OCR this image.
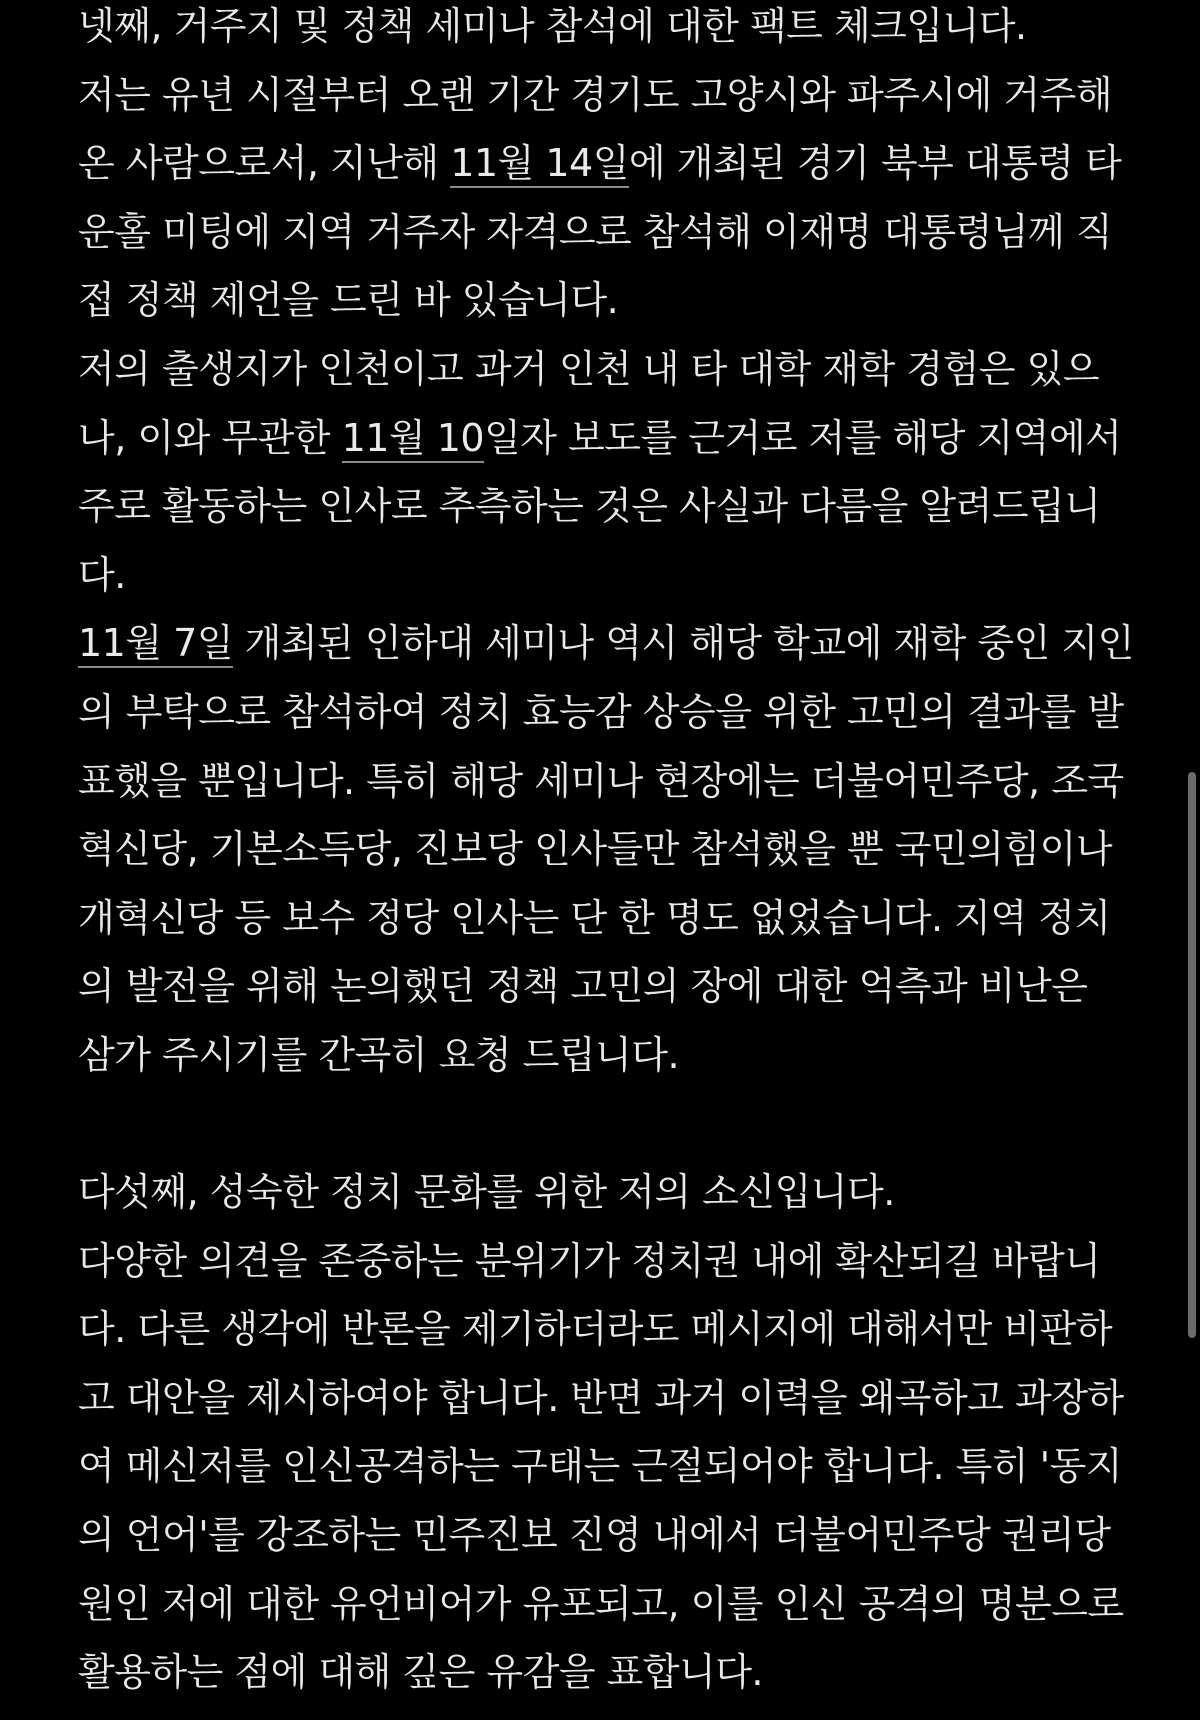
넷째, 거주지 및 정책 세미나 참석에 대한 팩트 체크입니다.

저는 유년 시절부터 오랜 기간 경기도 고양시와 파주시에 거주해

온 사람으로서, 지난해 11월 14일에 개최된 경기 북부 대통령 타

운홀 미팅에 지역 거주자 자격으로 참석해 이재명 대통령님께 직

접 정책 제언을 드린 바 있습니다.

저의 출생지가 인천이고 과거 인천 내 타 대학 재학 경험은 있으

나, 이와 무관한 11월 10일자 보도를 근거로 저를 해당 지역에서

주로 활동하는 인사로 추측하는 것은 사실과 다름을 알려드립니

다.

11월 7일 개최된 인하대 세미나 역시 해당 학교에 재학 중인 지인

의 부탁으로 참석하여 정치 효능감 상승을 위한 고민의 결과를 발

표했을 뿐입니다. 특히 해당 세미나 현장에는 더불어민주당, 조국

혁신당, 기본소득당, 진보당 인사들만 참석했을 뿐 국민의힘이나

개혁신당 등 보수 정당 인사는 단 한 명도 없었습니다. 지역 정치

의 발전을 위해 논의했던 정책 고민의 장에 대한 억측과 비난은

삼가 주시기를 간곡히 요청 드립니다.

다섯째, 성숙한 정치 문화를 위한 저의 소신입니다.

다양한 의견을 존중하는 분위기가 정치권 내에 확산되길 바랍니

다. 다른 생각에 반론을 제기하더라도 메시지에 대해서만 비판하

고 대안을 제시하여야 합니다. 반면 과거 이력을 왜곡하고 과장하

여 메신저를 인신공격하는 구태는 근절되어야 합니다. 특히 '동지

의 언어'를 강조하는 민주진보 진영 내에서 더불어민주당 권리당

원인 저에 대한 유언비어가 유포되고, 이를 인신 공격의 명분으로

활용하는 점에 대해 깊은 유감을 표합니다.
